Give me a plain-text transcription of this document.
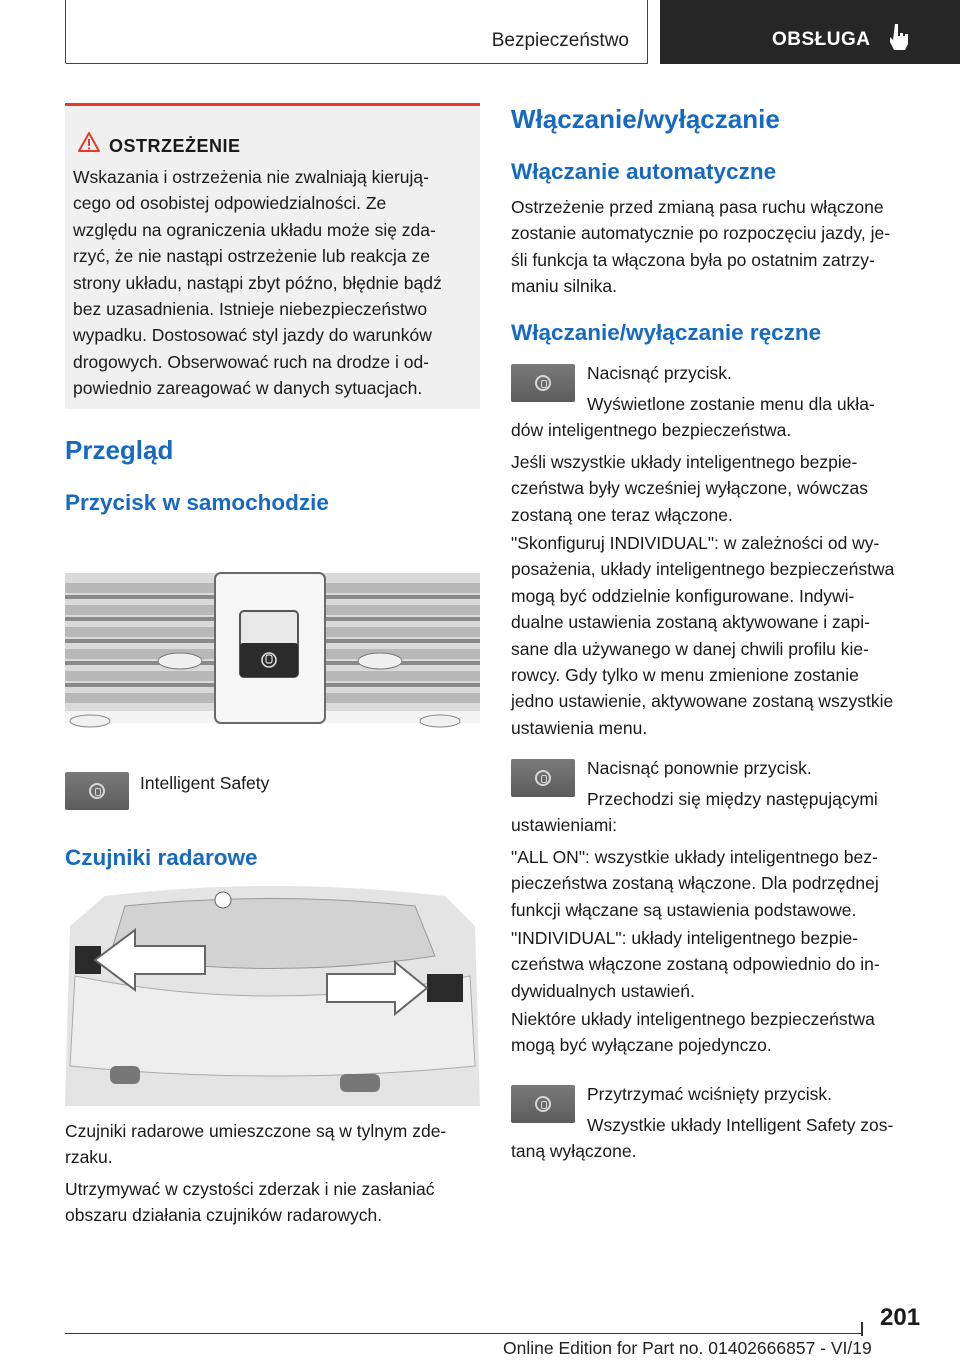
Bezpieczeństwo	OBSŁUGA
OSTRZEŻENIE
Wskazania i ostrzeżenia nie zwalniają kierują-
cego od osobistej odpowiedzialności. Ze
względu na ograniczenia układu może się zda-
rzyć, że nie nastąpi ostrzeżenie lub reakcja ze
strony układu, nastąpi zbyt późno, błędnie bądź
bez uzasadnienia. Istnieje niebezpieczeństwo
wypadku. Dostosować styl jazdy do warunków
drogowych. Obserwować ruch na drodze i od-
powiednio zareagować w danych sytuacjach.
Przegląd
Przycisk w samochodzie

Intelligent Safety

Czujniki radarowe

Czujniki radarowe umieszczone są w tylnym zde-

rzaku.

Utrzymywać w czystości zderzak i nie zasłaniać

obszaru działania czujników radarowych.

Włączanie/wyłączanie
Włączanie automatyczne

Ostrzeżenie przed zmianą pasa ruchu włączone

zostanie automatycznie po rozpoczęciu jazdy, je-

śli funkcja ta włączona była po ostatnim zatrzy-

maniu silnika.

Włączanie/wyłączanie ręczne

Nacisnąć przycisk.

Wyświetlone zostanie menu dla ukła-

dów inteligentnego bezpieczeństwa.

Jeśli wszystkie układy inteligentnego bezpie-

czeństwa były wcześniej wyłączone, wówczas

zostaną one teraz włączone.

"Skonfiguruj INDIVIDUAL": w zależności od wy-

posażenia, układy inteligentnego bezpieczeństwa

mogą być oddzielnie konfigurowane. Indywi-

dualne ustawienia zostaną aktywowane i zapi-

sane dla używanego w danej chwili profilu kie-

rowcy. Gdy tylko w menu zmienione zostanie

jedno ustawienie, aktywowane zostaną wszystkie

ustawienia menu.

Nacisnąć ponownie przycisk.

Przechodzi się między następującymi

ustawieniami:

"ALL ON": wszystkie układy inteligentnego bez-

pieczeństwa zostaną włączone. Dla podrzędnej

funkcji włączane są ustawienia podstawowe.

"INDIVIDUAL": układy inteligentnego bezpie-

czeństwa włączone zostaną odpowiednio do in-

dywidualnych ustawień.

Niektóre układy inteligentnego bezpieczeństwa

mogą być wyłączane pojedynczo.

Przytrzymać wciśnięty przycisk.

Wszystkie układy Intelligent Safety zos-

taną wyłączone.

201
Online Edition for Part no. 01402666857 - VI/19
